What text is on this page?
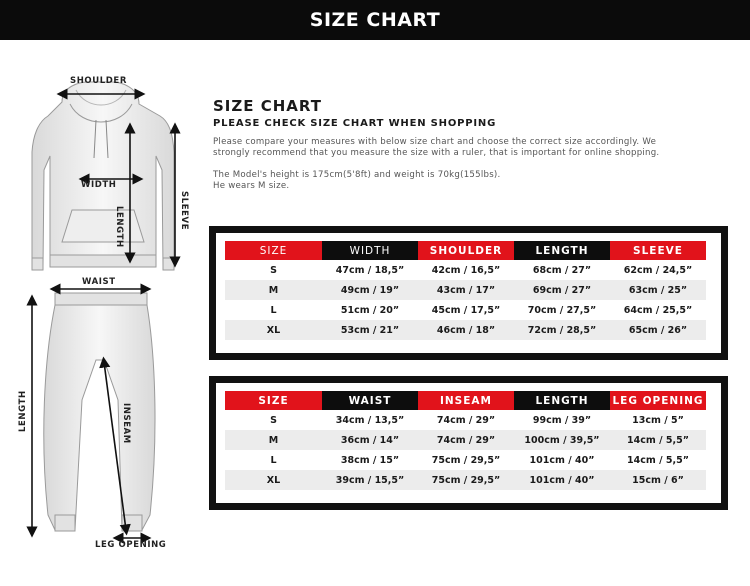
SIZE CHART
SHOULDER
WIDTH
SLEEVE
LENGTH
WAIST
LENGTH	INSEAM
LEG OPENING
SIZE CHART
PLEASE CHECK SIZE CHART WHEN SHOPPING
Please compare your measures with below size chart and choose the correct size accordingly. We
strongly recommend that you measure the size with a ruler, that is important for online shopping.
The Model's height is 175cm(5'8ft) and weight is 70kg(155lbs).
He wears M size.
SIZE	WIDTH	SHOULDER	LENGTH	SLEEVE
S	47cm / 18,5”	42cm / 16,5”	68cm / 27”	62cm / 24,5”
M	49cm / 19”	43cm / 17”	69cm / 27”	63cm / 25”
L	51cm / 20”	45cm / 17,5”	70cm / 27,5”	64cm / 25,5”
XL	53cm / 21”	46cm / 18”	72cm / 28,5”	65cm / 26”
SIZE	WAIST	INSEAM	LENGTH	LEG OPENING
S	34cm / 13,5”	74cm / 29”	99cm / 39”	13cm / 5”
M	36cm / 14”	74cm / 29”	100cm / 39,5”	14cm / 5,5”
L	38cm / 15”	75cm / 29,5”	101cm / 40”	14cm / 5,5”
XL	39cm / 15,5”	75cm / 29,5”	101cm / 40”	15cm / 6”
